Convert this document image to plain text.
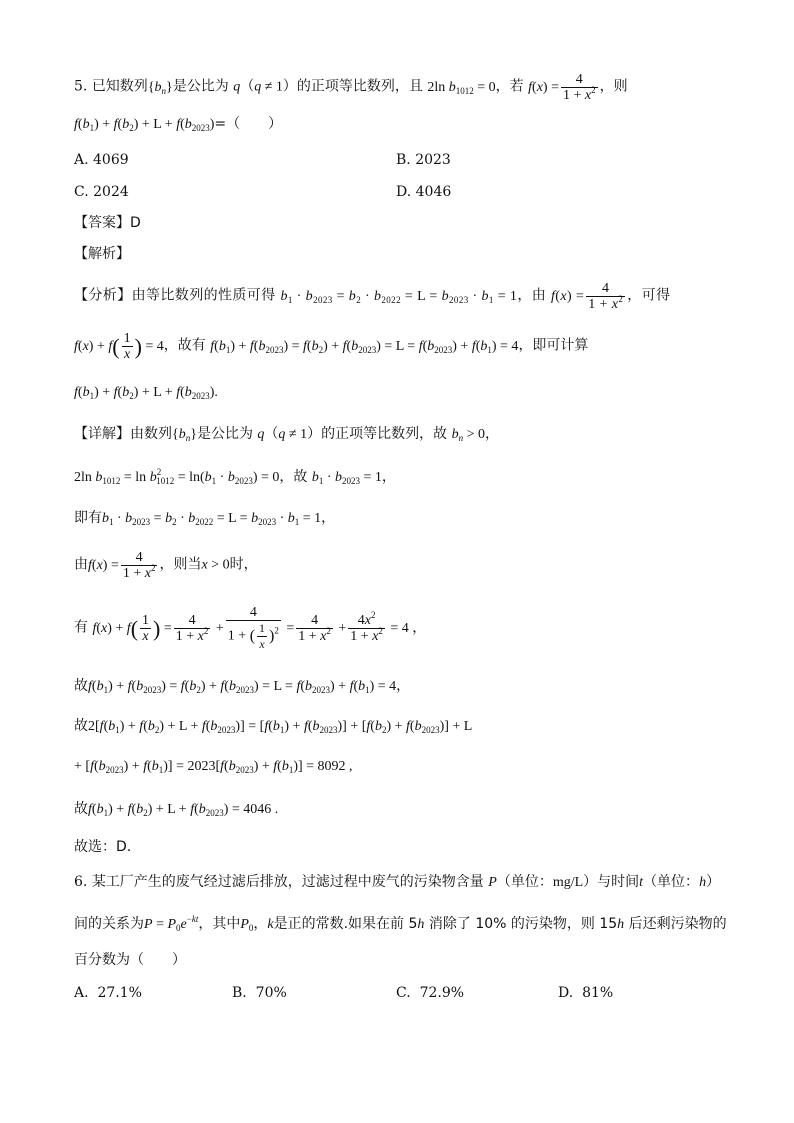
5. 已知数列$\{b_n\}$是公比为 q（q ≠ 1）的正项等比数列，且 2ln $b_{1012} = 0$，若 $f(x) = \frac{4}{1 + x^2}$ ，则
$f(b_1) + f(b_2) + L + f(b_{2023})=$（　　）
A. 4069	B. 2023
C. 2024	D. 4046
【答案】D
【解析】
【分析】由等比数列的性质可得 $b_1 \cdot b_{2023} = b_2 \cdot b_{2022} = L = b_{2023} \cdot b_1 = 1$，由 $f(x) = \frac{4}{1 + x^2}$ ，可得
$f(x) + f( \frac{1}{x}$ ) = 4，故有 $f(b_1) + f(b_{2023}) = f(b_2) + f(b_{2023}) = L = f(b_{2023}) + f(b_1) = 4$，即可计算
$f(b_1) + f(b_2) + L + f(b_{2023})$.
【详解】由数列$\{b_n\}$是公比为 q（q ≠ 1）的正项等比数列，故 $b_n > 0$，
2ln $b_{1012} = \ln b^2_{1012} = \ln(b_1 \cdot b_{2023}) = 0$，故 $b_1 \cdot b_{2023} = 1$，
即有$b_1 \cdot b_{2023} = b_2 \cdot b_{2022} = L = b_{2023} \cdot b_1 = 1$，
由$f(x) = \frac{4}{1 + x^2}$ ，则当x > 0时，
有 $f(x) + f( \frac{1}{x}$ ) = $\frac{4}{1 + x^2} + \frac{4}{1 + ( \frac{1}{x} )^2} = \frac{4}{1 + x^2} + \frac{4x^2}{1 + x^2} = 4$ ，
故$f(b_1) + f(b_{2023}) = f(b_2) + f(b_{2023}) = L = f(b_{2023}) + f(b_1) = 4$，
故$2[f(b_1) + f(b_2) + L + f(b_{2023})] = [f(b_1) + f(b_{2023})] + [f(b_2) + f(b_{2023})] + L$
+ $[f(b_{2023}) + f(b_1)] = 2023[f(b_{2023}) + f(b_1)] = 8092$ ,
故$f(b_1) + f(b_2) + L + f(b_{2023}) = 4046$ .
故选：D.
6. 某工厂产生的废气经过滤后排放，过滤过程中废气的污染物含量 P（单位：mg/L）与时间t（单位：h）
间的关系为$P = P_0e^{-kt}$，其中$P_0$，k是正的常数.如果在前 5h 消除了 10% 的污染物，则 15h 后还剩污染物的
百分数为（　　）
A. 27.1%	B. 70%	C. 72.9%	D. 81%
